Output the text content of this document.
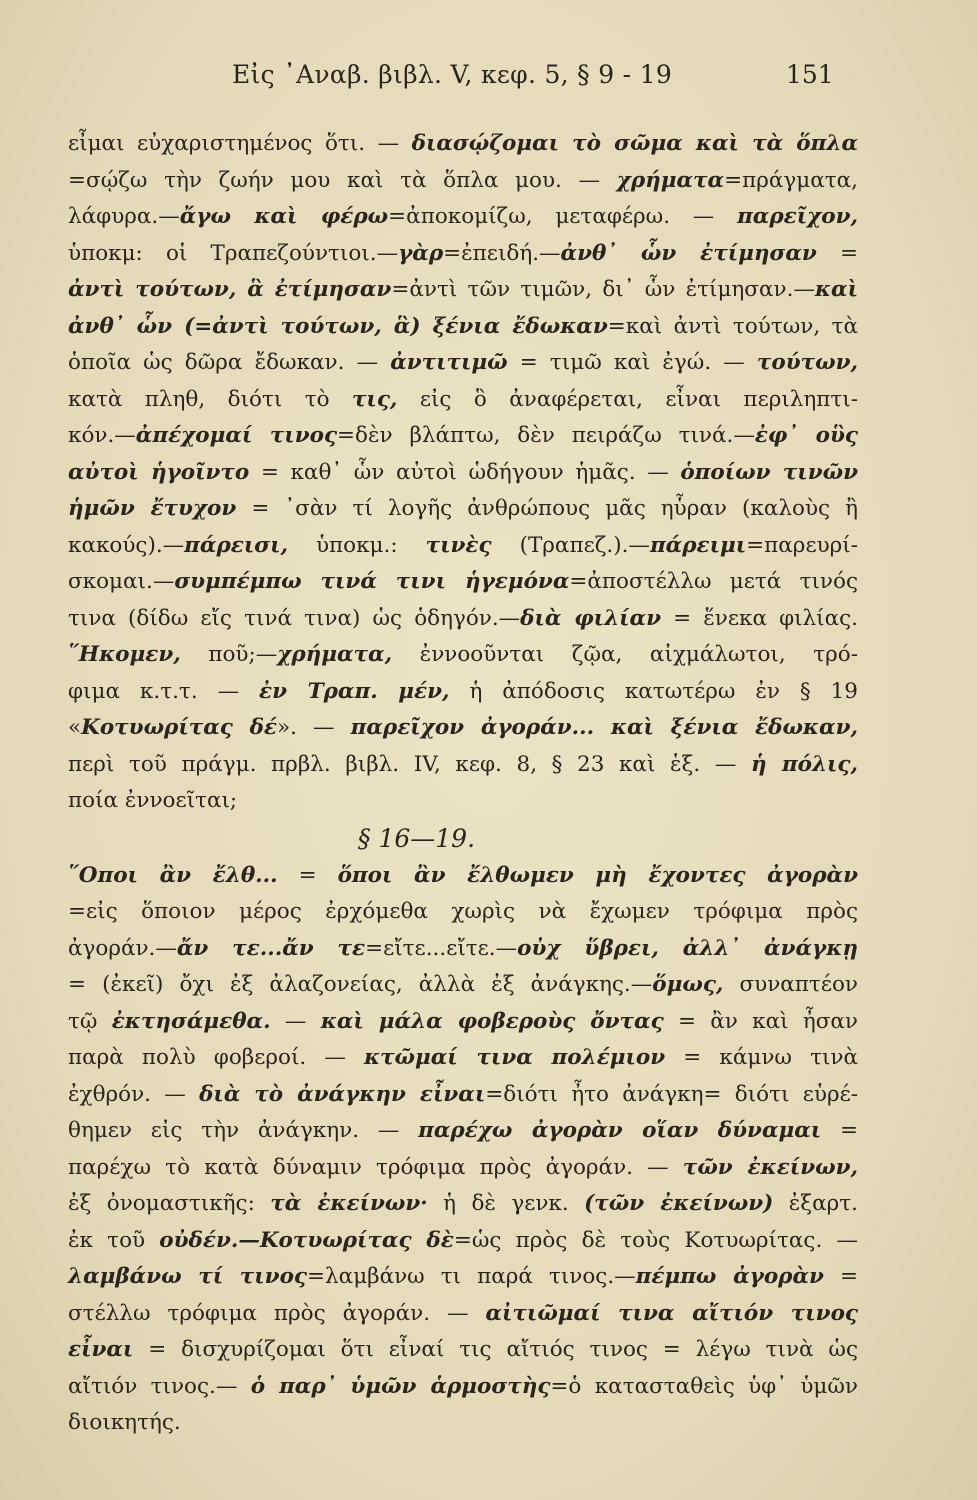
Εἰς ᾿Αναβ. βιβλ. V, κεφ. 5, § 9 - 19	151
εἶμαι εὐχαριστημένος ὅτι. — διασῴζομαι τὸ σῶμα καὶ τὰ ὅπλα
=σῴζω τὴν ζωήν μου καὶ τὰ ὅπλα μου. — χρήματα=πράγματα,
λάφυρα.—ἄγω καὶ φέρω=ἀποκομίζω, μεταφέρω. — παρεῖχον,
ὑποκμ: οἱ Τραπεζούντιοι.—γὰρ=ἐπειδή.—ἀνθ᾿ ὧν ἐτίμησαν =
ἀντὶ τούτων, ἃ ἐτίμησαν=ἀντὶ τῶν τιμῶν, δι᾿ ὧν ἐτίμησαν.—καὶ
ἀνθ᾿ ὧν (=ἀντὶ τούτων, ἃ) ξένια ἔδωκαν=καὶ ἀντὶ τούτων, τὰ
ὁποῖα ὡς δῶρα ἔδωκαν. — ἀντιτιμῶ = τιμῶ καὶ ἐγώ. — τούτων,
κατὰ πληθ, διότι τὸ τις, εἰς ὃ ἀναφέρεται, εἶναι περιληπτι-
κόν.—ἀπέχομαί τινος=δὲν βλάπτω, δὲν πειράζω τινά.—ἐφ᾿ οὓς
αὐτοὶ ἡγοῖντο = καθ᾿ ὧν αὐτοὶ ὡδήγουν ἡμᾶς. — ὁποίων τινῶν
ἡμῶν ἔτυχον = ᾿σὰν τί λογῆς ἀνθρώπους μᾶς ηὗραν (καλοὺς ἢ
κακούς).—πάρεισι, ὑποκμ.: τινὲς (Τραπεζ.).—πάρειμι=παρευρί-
σκομαι.—συμπέμπω τινά τινι ἡγεμόνα=ἀποστέλλω μετά τινός
τινα (δίδω εἴς τινά τινα) ὡς ὁδηγόν.—διὰ φιλίαν = ἕνεκα φιλίας.
῞Ηκομεν, ποῦ;—χρήματα, ἐννοοῦνται ζῷα, αἰχμάλωτοι, τρό-
φιμα κ.τ.τ. — ἐν Τραπ. μέν, ἡ ἀπόδοσις κατωτέρω ἐν § 19
«Κοτυωρίτας δέ». — παρεῖχον ἀγοράν... καὶ ξένια ἔδωκαν,
περὶ τοῦ πράγμ. πρβλ. βιβλ. IV, κεφ. 8, § 23 καὶ ἑξ. — ἡ πόλις,
ποία ἐννοεῖται;
§ 16—19.
῞Οποι ἂν ἔλθ... = ὅποι ἂν ἔλθωμεν μὴ ἔχοντες ἀγορὰν
=εἰς ὅποιον μέρος ἐρχόμεθα χωρὶς νὰ ἔχωμεν τρόφιμα πρὸς
ἀγοράν.—ἄν τε...ἄν τε=εἴτε...εἴτε.—οὐχ ὕβρει, ἀλλ᾿ ἀνάγκῃ
= (ἐκεῖ) ὄχι ἐξ ἀλαζονείας, ἀλλὰ ἐξ ἀνάγκης.—ὅμως, συναπτέον
τῷ ἐκτησάμεθα. — καὶ μάλα φοβεροὺς ὄντας = ἂν καὶ ἦσαν
παρὰ πολὺ φοβεροί. — κτῶμαί τινα πολέμιον = κάμνω τινὰ
ἐχθρόν. — διὰ τὸ ἀνάγκην εἶναι=διότι ἦτο ἀνάγκη= διότι εὑρέ-
θημεν εἰς τὴν ἀνάγκην. — παρέχω ἀγορὰν οἵαν δύναμαι =
παρέχω τὸ κατὰ δύναμιν τρόφιμα πρὸς ἀγοράν. — τῶν ἐκείνων,
ἐξ ὀνομαστικῆς: τὰ ἐκείνων· ἡ δὲ γενκ. (τῶν ἐκείνων) ἐξαρτ.
ἐκ τοῦ οὐδέν.—Κοτυωρίτας δὲ=ὡς πρὸς δὲ τοὺς Κοτυωρίτας. —
λαμβάνω τί τινος=λαμβάνω τι παρά τινος.—πέμπω ἀγορὰν =
στέλλω τρόφιμα πρὸς ἀγοράν. — αἰτιῶμαί τινα αἴτιόν τινος
εἶναι = δισχυρίζομαι ὅτι εἶναί τις αἴτιός τινος = λέγω τινὰ ὡς
αἴτιόν τινος.— ὁ παρ᾿ ὑμῶν ἁρμοστὴς=ὁ κατασταθεὶς ὑφ᾿ ὑμῶν
διοικητής.
